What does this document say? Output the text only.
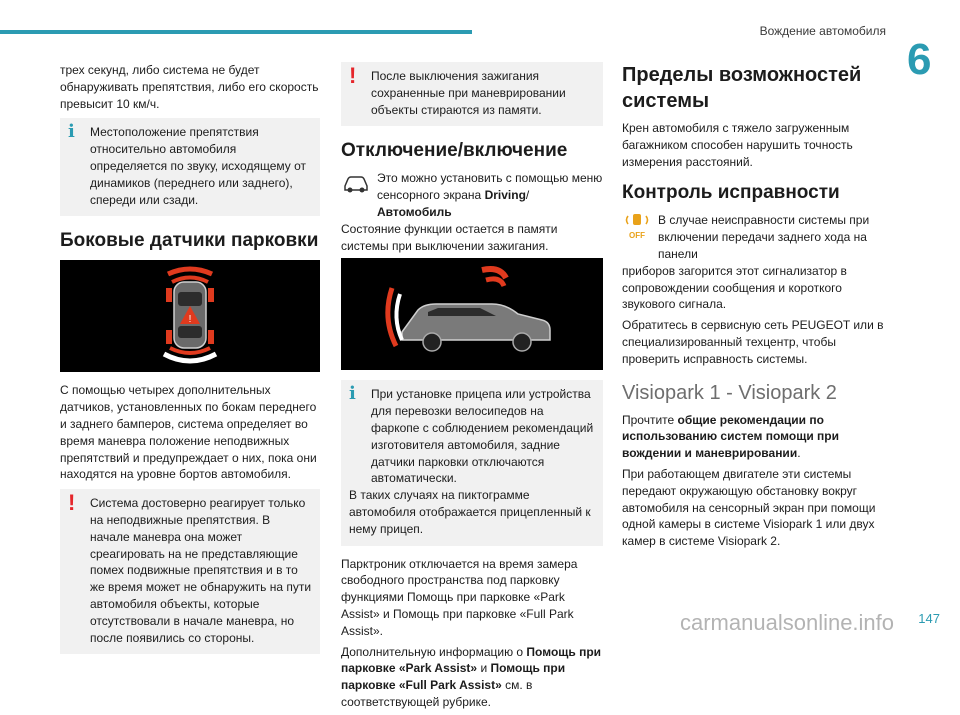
Вождение автомобиля
6

трех секунд, либо система не будет обнаруживать препятствия, либо его скорость превысит 10 км/ч.

i	Местоположение препятствия относительно автомобиля определяется по звуку, исходящему от динамиков (переднего или заднего), спереди или сзади.
Боковые датчики парковки
!

С помощью четырех дополнительных датчиков, установленных по бокам переднего и заднего бамперов, система определяет во время маневра положение неподвижных препятствий и предупреждает о них, пока они находятся на уровне бортов автомобиля.

!	Система достоверно реагирует только на неподвижные препятствия. В начале маневра она может среагировать на не представляющие помех подвижные препятствия и в то же время может не обнаружить на пути автомобиля объекты, которые отсутствовали в начале маневра, но после появились со стороны.
!	После выключения зажигания сохраненные при маневрировании объекты стираются из памяти.
Отключение/включение
Это можно установить с помощью меню сенсорного экрана Driving/Автомобиль

Состояние функции остается в памяти системы при выключении зажигания.

i	При установке прицепа или устройства для перевозки велосипедов на фаркопе с соблюдением рекомендаций изготовителя автомобиля, задние датчики парковки отключаются автоматически.
В таких случаях на пиктограмме автомобиля отображается прицепленный к нему прицеп.

Парктроник отключается на время замера свободного пространства под парковку функциями Помощь при парковке «Park Assist» и Помощь при парковке «Full Park Assist».

Дополнительную информацию о Помощь при парковке «Park Assist» и Помощь при парковке «Full Park Assist» см. в соответствующей рубрике.

Пределы возможностей системы

Крен автомобиля с тяжело загруженным багажником способен нарушить точность измерения расстояний.

Контроль исправности
OFF
В случае неисправности системы при включении передачи заднего хода на панели

приборов загорится этот сигнализатор в сопровождении сообщения и короткого звукового сигнала.

Обратитесь в сервисную сеть PEUGEOT или в специализированный техцентр, чтобы проверить исправность системы.

Visiopark 1 - Visiopark 2

Прочтите общие рекомендации по использованию систем помощи при вождении и маневрировании.

При работающем двигателе эти системы передают окружающую обстановку вокруг автомобиля на сенсорный экран при помощи одной камеры в системе Visiopark 1 или двух камер в системе Visiopark 2.

carmanualsonline.info 147
